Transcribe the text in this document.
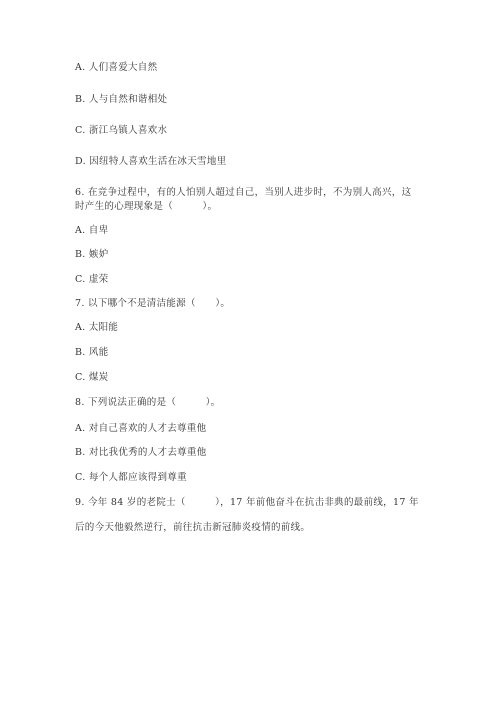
A. 人们喜爱大自然
B. 人与自然和谐相处
C. 浙江乌镇人喜欢水
D. 因纽特人喜欢生活在冰天雪地里
6. 在竞争过程中，有的人怕别人超过自己，当别人进步时，不为别人高兴，这
时产生的心理现象是（　　　）。
A. 自卑
B. 嫉妒
C. 虚荣
7. 以下哪个不是清洁能源（　　）。
A. 太阳能
B. 风能
C. 煤炭
8. 下列说法正确的是（　　　）。
A. 对自己喜欢的人才去尊重他
B. 对比我优秀的人才去尊重他
C. 每个人都应该得到尊重
9. 今年 84 岁的老院士（　　　），17 年前他奋斗在抗击非典的最前线，17 年
后的今天他毅然逆行，前往抗击新冠肺炎疫情的前线。
